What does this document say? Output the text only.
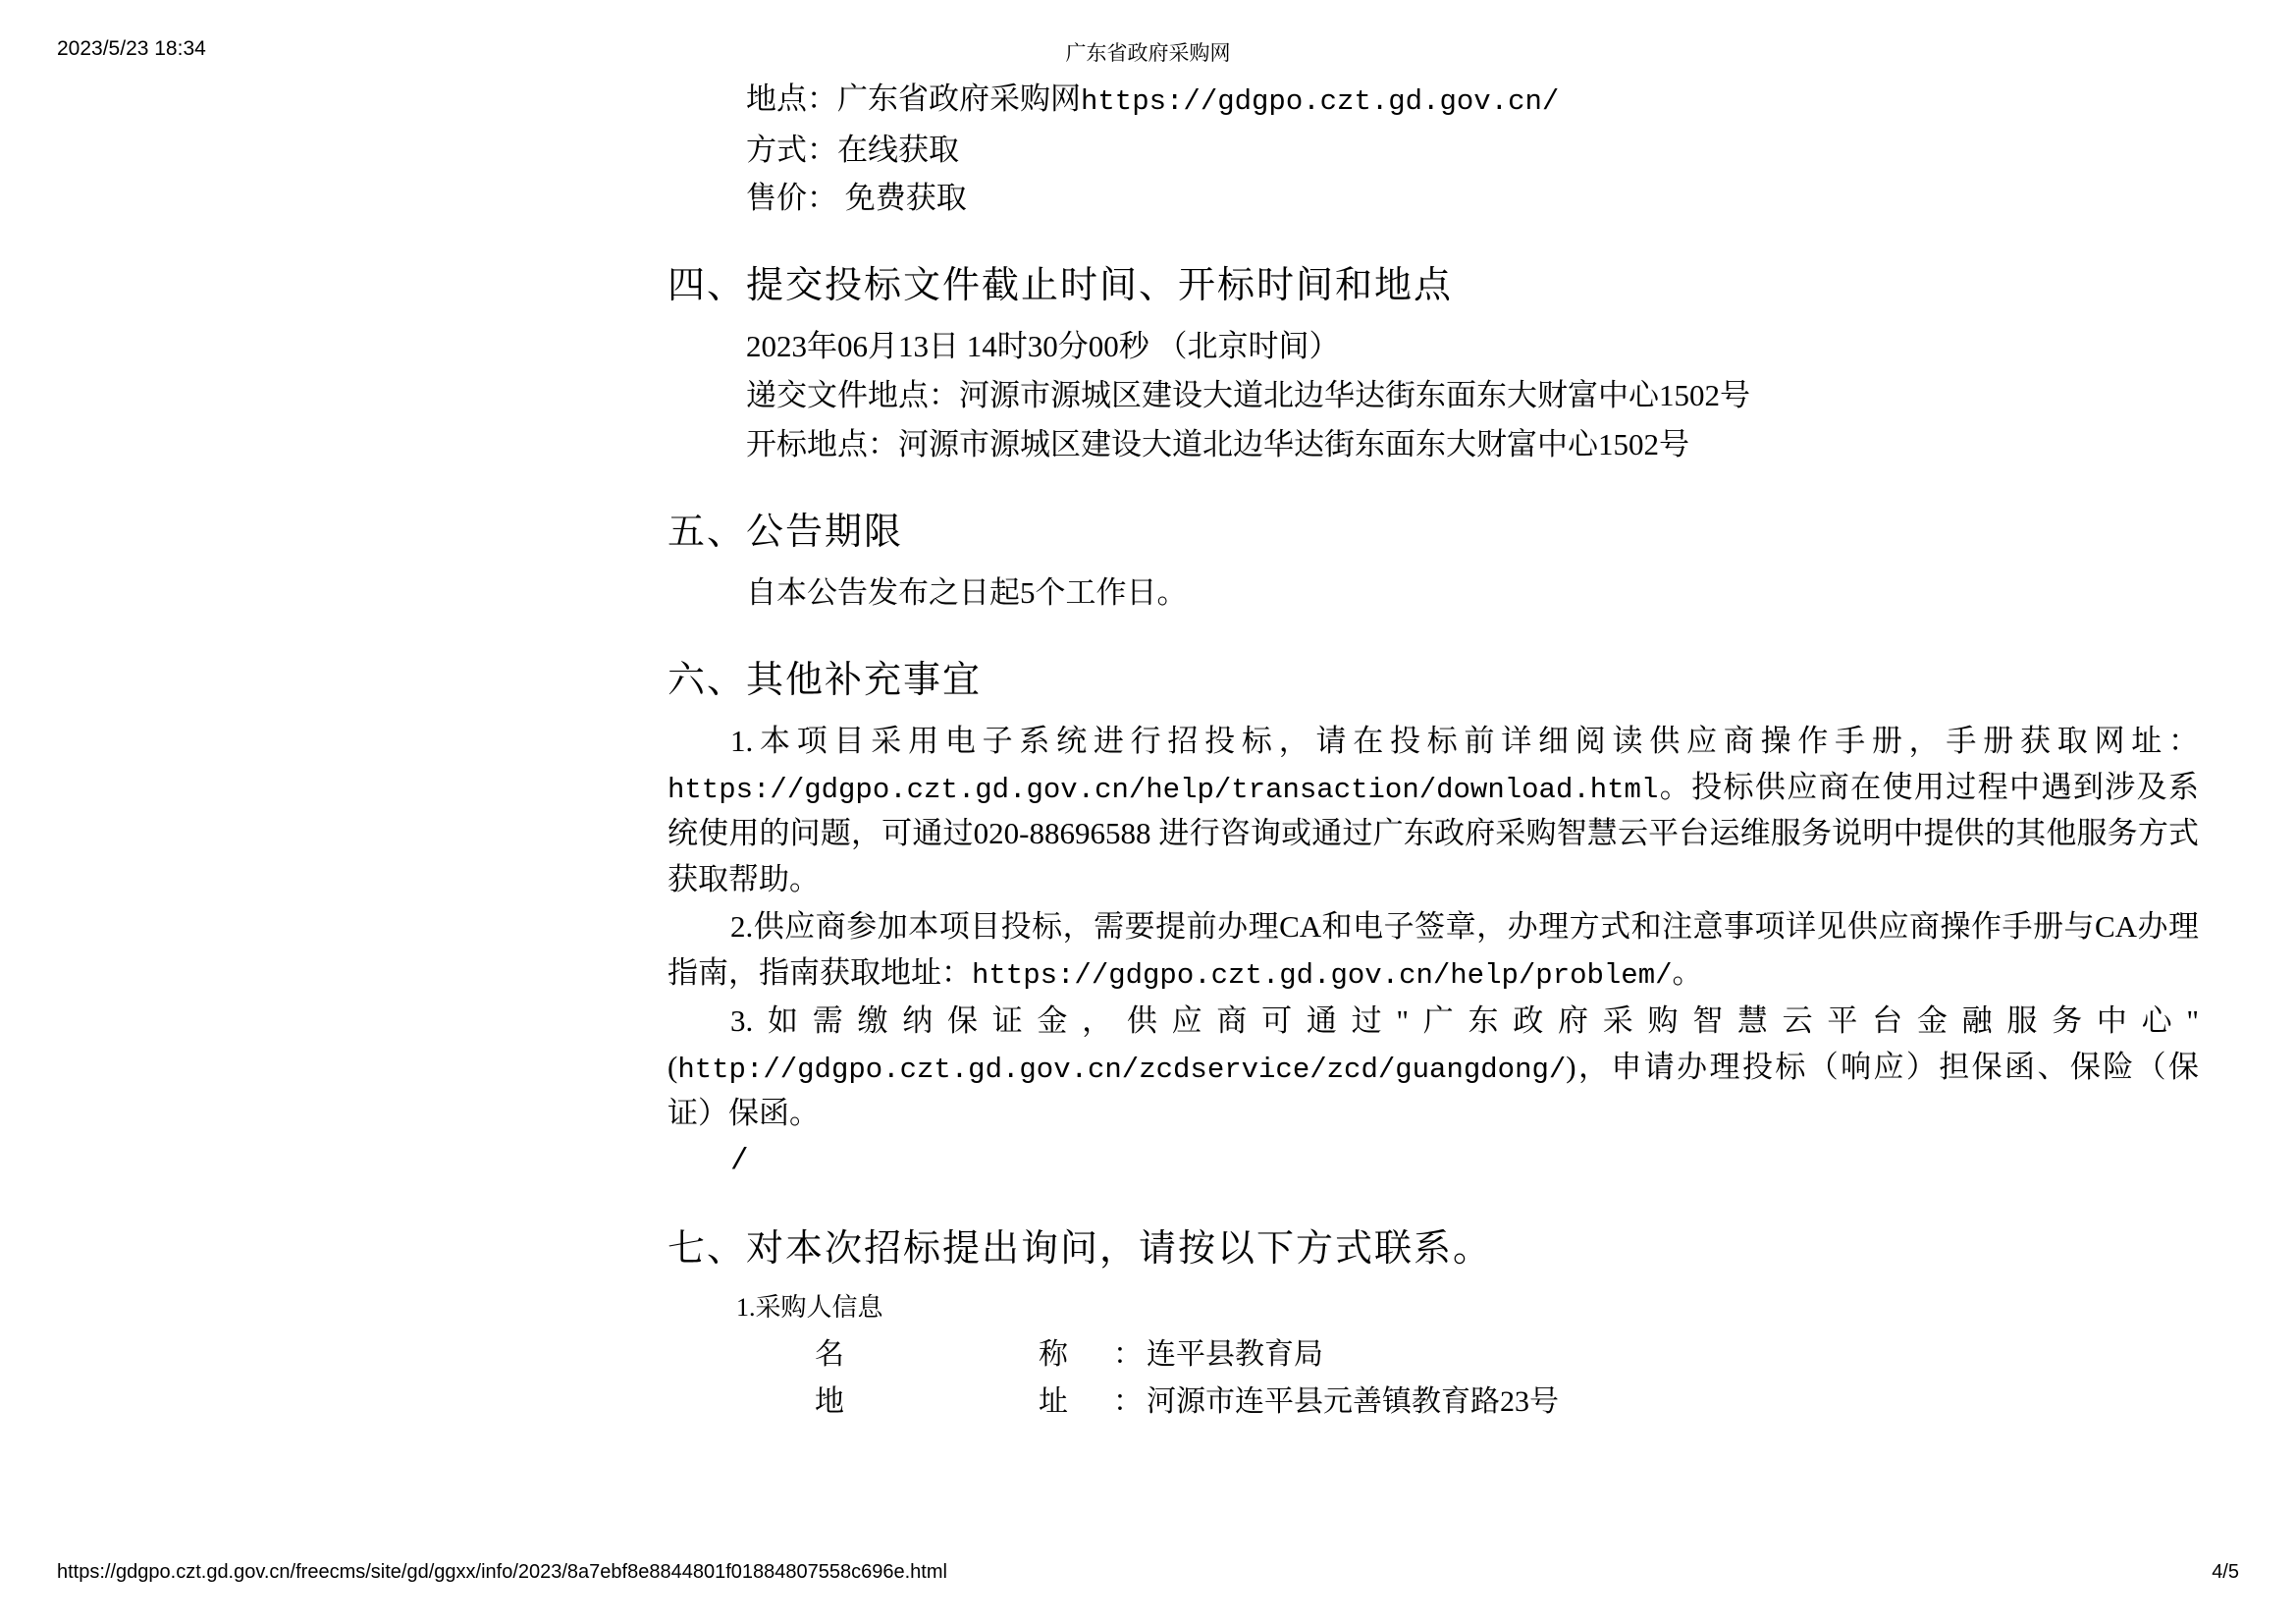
2023/5/23 18:34	广东省政府采购网
地点：广东省政府采购网https://gdgpo.czt.gd.gov.cn/
方式：在线获取
售价： 免费获取
四、提交投标文件截止时间、开标时间和地点

2023年06月13日 14时30分00秒 （北京时间）

递交文件地点：河源市源城区建设大道北边华达街东面东大财富中心1502号

开标地点：河源市源城区建设大道北边华达街东面东大财富中心1502号

五、公告期限

自本公告发布之日起5个工作日。

六、其他补充事宜

1.本项目采用电子系统进行招投标，请在投标前详细阅读供应商操作手册，手册获取网址：https://gdgpo.czt.gd.gov.cn/help/transaction/download.html。投标供应商在使用过程中遇到涉及系统使用的问题，可通过020-88696588 进行咨询或通过广东政府采购智慧云平台运维服务说明中提供的其他服务方式获取帮助。

2.供应商参加本项目投标，需要提前办理CA和电子签章，办理方式和注意事项详见供应商操作手册与CA办理指南，指南获取地址：https://gdgpo.czt.gd.gov.cn/help/problem/。

3.如需缴纳保证金，供应商可通过"广东政府采购智慧云平台金融服务中心"(http://gdgpo.czt.gd.gov.cn/zcdservice/zcd/guangdong/)，申请办理投标（响应）担保函、保险（保证）保函。

/

七、对本次招标提出询问，请按以下方式联系。

1.采购人信息

名　　称： 连平县教育局

地　　址： 河源市连平县元善镇教育路23号

https://gdgpo.czt.gd.gov.cn/freecms/site/gd/ggxx/info/2023/8a7ebf8e8844801f01884807558c696e.html	4/5
